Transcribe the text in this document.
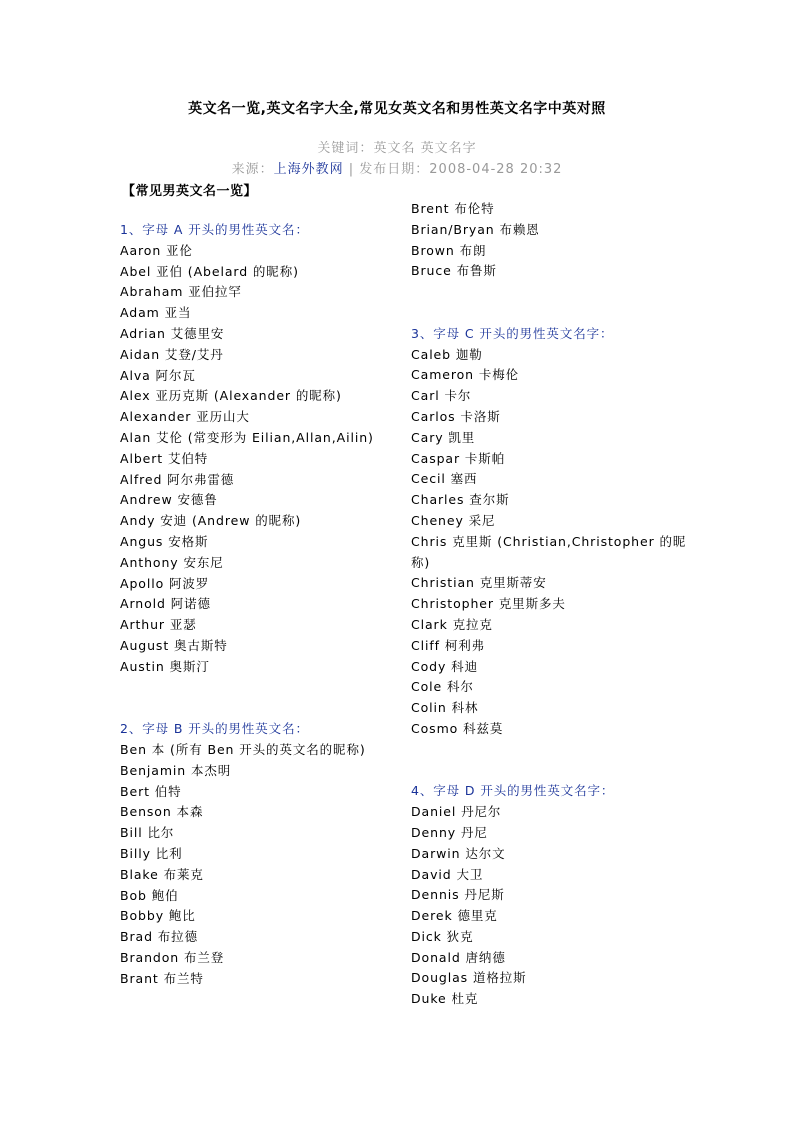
英文名一览,英文名字大全,常见女英文名和男性英文名字中英对照
关键词：英文名 英文名字
来源：上海外教网 | 发布日期：2008-04-28 20:32
【常见男英文名一览】
1、字母 A 开头的男性英文名：
Aaron 亚伦
Abel 亚伯 (Abelard 的昵称)
Abraham 亚伯拉罕
Adam 亚当
Adrian 艾德里安
Aidan 艾登/艾丹
Alva 阿尔瓦
Alex 亚历克斯 (Alexander 的昵称)
Alexander 亚历山大
Alan 艾伦 (常变形为 Eilian,Allan,Ailin)
Albert 艾伯特
Alfred 阿尔弗雷德
Andrew 安德鲁
Andy 安迪 (Andrew 的昵称)
Angus 安格斯
Anthony 安东尼
Apollo 阿波罗
Arnold 阿诺德
Arthur 亚瑟
August 奥古斯特
Austin 奥斯汀
2、字母 B 开头的男性英文名：
Ben 本 (所有 Ben 开头的英文名的昵称)
Benjamin 本杰明
Bert 伯特
Benson 本森
Bill 比尔
Billy 比利
Blake 布莱克
Bob 鲍伯
Bobby 鲍比
Brad 布拉德
Brandon 布兰登
Brant 布兰特
Brent 布伦特
Brian/Bryan 布赖恩
Brown 布朗
Bruce 布鲁斯
3、字母 C 开头的男性英文名字：
Caleb 迦勒
Cameron 卡梅伦
Carl 卡尔
Carlos 卡洛斯
Cary 凯里
Caspar 卡斯帕
Cecil 塞西
Charles 查尔斯
Cheney 采尼
Chris 克里斯 (Christian,Christopher 的昵称)
Christian 克里斯蒂安
Christopher 克里斯多夫
Clark 克拉克
Cliff 柯利弗
Cody 科迪
Cole 科尔
Colin 科林
Cosmo 科兹莫
4、字母 D 开头的男性英文名字：
Daniel 丹尼尔
Denny 丹尼
Darwin 达尔文
David 大卫
Dennis 丹尼斯
Derek 德里克
Dick 狄克
Donald 唐纳德
Douglas 道格拉斯
Duke 杜克
